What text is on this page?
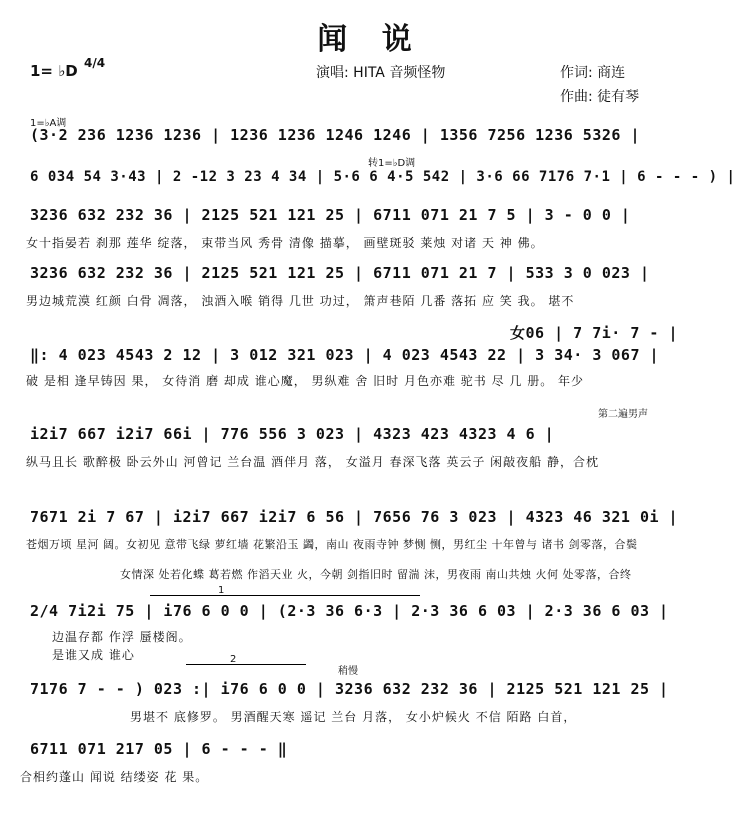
闻 说
1= ♭D 4/4
演唱: HITA 音频怪物	作词: 商连
作曲: 徒有琴
1=♭A调
转1=♭D调
第二遍男声
稍慢
1
2
(3·2 236 1236 1236 | 1236 1236 1246 1246 | 1356 7256 1236 5326 |
6 034 54 3·43 | 2 -12 3 23 4 34 | 5·6 6 4·5 542 | 3·6 66 7176 7·1 | 6 - - - ) |
3236 632 232 36 | 2125 521 121 25 | 6711 071 21 7 5 | 3 - 0 0 |
女十指晏若 刹那 莲华 绽落， 束带当风 秀骨 清像 描摹， 画壁斑驳 莱烛 对诸 天 神 佛。
3236 632 232 36 | 2125 521 121 25 | 6711 071 21 7 | 533 3 0 023 |
男边城荒漠 红颜 白骨 凋落， 浊酒入喉 销得 几世 功过， 箫声巷陌 几番 落拓 应 笑 我。 堪不
女06 | 7 7i· 7 - |
‖: 4 023 4543 2 12 | 3 012 321 023 | 4 023 4543 22 | 3 34· 3 067 |
破 是相 逢早铸因 果， 女待消 磨 却成 谁心魔， 男纵难 舍 旧时 月色亦难 驼书 尽 几 册。 年少
i2i7 667 i2i7 66i | 776 556 3 023 | 4323 423 4323 4 6 |
纵马且长 歌醉极 卧云外山 河曾记 兰台温 酒伴月 落， 女溢月 春深飞落 英云子 闲敲夜船 静，合枕
7671 2i 7 67 | i2i7 667 i2i7 6 56 | 7656 76 3 023 | 4323 46 321 0i |
苍烟万顷 星河 阔。女初见 意带飞绿 萝红墙 花繁沿玉 蠲，南山 夜雨寺钟 梦恻 恻，男红尘 十年曾与 诸书 剑零落，合鬓
女情深 处若化蝶 葛若燃 作滔天业 火，今朝 剑指旧时 留湍 沫，男夜雨 南山共烛 火何 处零落，合终
2/4 7i2i 75 | i76 6 0 0 | (2·3 36 6·3 | 2·3 36 6 03 | 2·3 36 6 03 |
边温存都 作浮 蜃楼阁。
是谁又成 谁心
7176 7 - - ) 023 :| i76 6 0 0 | 3236 632 232 36 | 2125 521 121 25 |
男堪不 底修罗。 男酒醒天寒 遥记 兰台 月落， 女小炉候火 不信 陌路 白首，
6711 071 217 05 | 6 - - - ‖
合相约蓬山 闻说 结缕姿 花 果。
